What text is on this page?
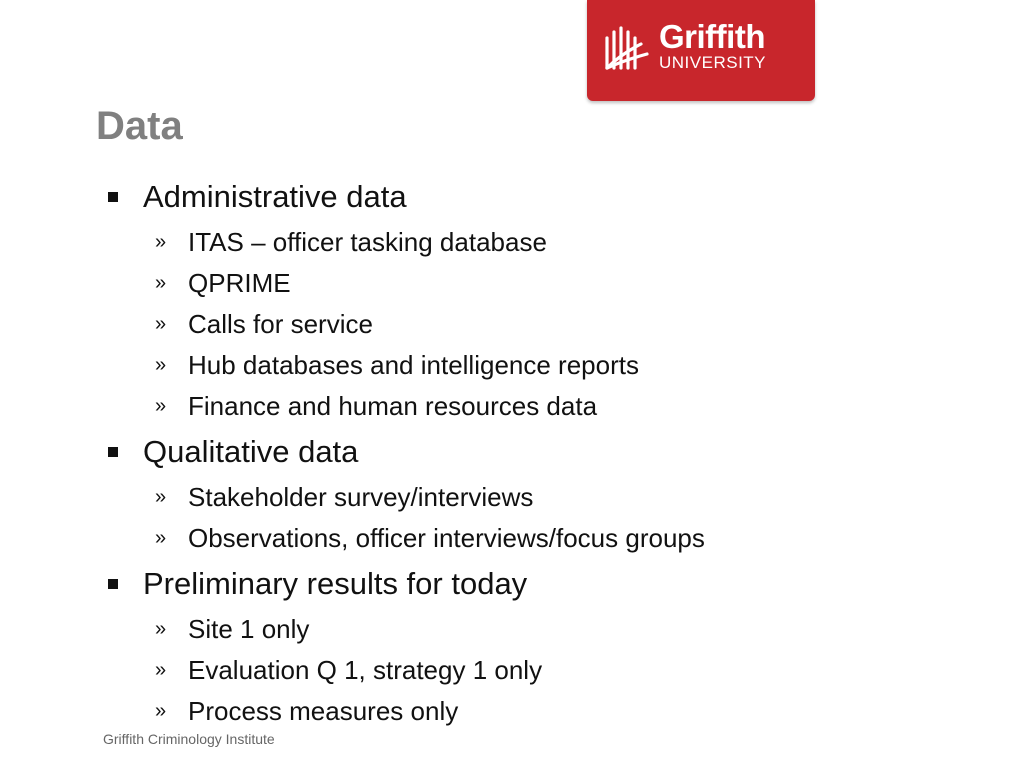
Griffith
UNIVERSITY
Data
Administrative data
» ITAS – officer tasking database
» QPRIME
» Calls for service
» Hub databases and intelligence reports
» Finance and human resources data
Qualitative data
» Stakeholder survey/interviews
» Observations, officer interviews/focus groups
Preliminary results for today
» Site 1 only
» Evaluation Q 1, strategy 1 only
» Process measures only
Griffith Criminology Institute
